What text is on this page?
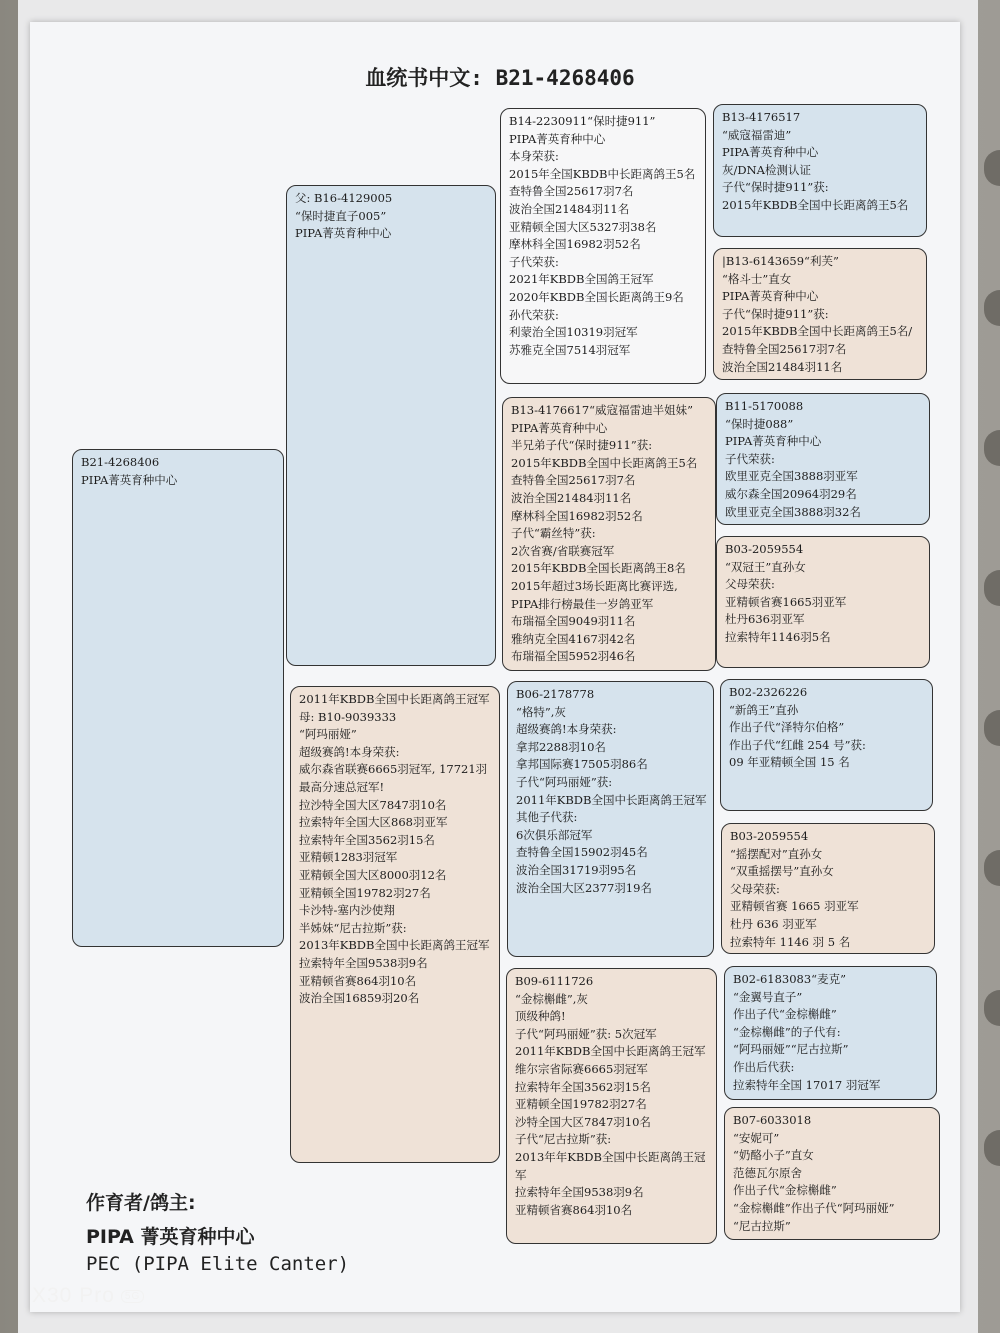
血统书中文: B21-4268406
B21-4268406
PIPA菁英育种中心
父: B16-4129005
“保时捷直子005”
PIPA菁英育种中心
2011年KBDB全国中长距离鸽王冠军
母: B10-9039333
“阿玛丽娅”
超级赛鸽!本身荣获:
威尔森省联赛6665羽冠军, 17721羽最高分速总冠军!
拉沙特全国大区7847羽10名
拉索特年全国大区868羽亚军
拉索特年全国3562羽15名
亚精顿1283羽冠军
亚精顿全国大区8000羽12名
亚精顿全国19782羽27名
卡沙特-塞内沙使翔
半姊妹“尼古拉斯”获:
2013年KBDB全国中长距离鸽王冠军
拉索特年全国9538羽9名
亚精顿省赛864羽10名
波治全国16859羽20名
B14-2230911“保时捷911”
PIPA菁英育种中心
本身荣获:
2015年全国KBDB中长距离鸽王5名
查特鲁全国25617羽7名
波治全国21484羽11名
亚精顿全国大区5327羽38名
摩林科全国16982羽52名
子代荣获:
2021年KBDB全国鸽王冠军
2020年KBDB全国长距离鸽王9名
孙代荣获:
利蒙治全国10319羽冠军
苏雅克全国7514羽冠军
B13-4176617“威寇福雷迪半姐妹”
PIPA菁英育种中心
半兄弟子代“保时捷911”获:
2015年KBDB全国中长距离鸽王5名
查特鲁全国25617羽7名
波治全国21484羽11名
摩林科全国16982羽52名
子代“霸丝特”获:
2次省赛/省联赛冠军
2015年KBDB全国长距离鸽王8名
2015年超过3场长距离比赛评选,
PIPA排行榜最佳一岁鸽亚军
布瑞福全国9049羽11名
雅纳克全国4167羽42名
布瑞福全国5952羽46名
B06-2178778
“格特”,灰
超级赛鸽!本身荣获:
拿邦2288羽10名
拿邦国际赛17505羽86名
子代“阿玛丽娅”获:
2011年KBDB全国中长距离鸽王冠军
其他子代获:
6次俱乐部冠军
查特鲁全国15902羽45名
波治全国31719羽95名
波治全国大区2377羽19名
B09-6111726
“金棕槲雌”,灰
顶级种鸽!
子代“阿玛丽娅”获: 5次冠军
2011年KBDB全国中长距离鸽王冠军
维尔宗省际赛6665羽冠军
拉索特年全国3562羽15名
亚精顿全国19782羽27名
沙特全国大区7847羽10名
子代“尼古拉斯”获:
2013年年KBDB全国中长距离鸽王冠军
拉索特年全国9538羽9名
亚精顿省赛864羽10名
B13-4176517
“威寇福雷迪”
PIPA菁英育种中心
灰/DNA检测认证
子代“保时捷911”获:
2015年KBDB全国中长距离鸽王5名
|B13-6143659“利芙”
“格斗士”直女
PIPA菁英育种中心
子代“保时捷911”获:
2015年KBDB全国中长距离鸽王5名/查特鲁全国25617羽7名
波治全国21484羽11名
B11-5170088
“保时捷088”
PIPA菁英育种中心
子代荣获:
欧里亚克全国3888羽亚军
威尔森全国20964羽29名
欧里亚克全国3888羽32名
B03-2059554
“双冠王”直孙女
父母荣获:
亚精顿省赛1665羽亚军
杜丹636羽亚军
拉索特年1146羽5名
B02-2326226
“新鸽王”直孙
作出子代“泽特尔伯格”
作出子代“红雌 254 号”获:
09 年亚精顿全国 15 名
B03-2059554
“摇摆配对”直孙女
“双重摇摆号”直孙女
父母荣获:
亚精顿省赛 1665 羽亚军
杜丹 636 羽亚军
拉索特年 1146 羽 5 名
B02-6183083“麦克”
“金翼号直子”
作出子代“金棕槲雌”
“金棕槲雌”的子代有:
“阿玛丽娅”“尼古拉斯”
作出后代获:
拉索特年全国 17017 羽冠军
B07-6033018
“安妮可”
“奶酪小子”直女
范德瓦尔原舍
作出子代“金棕槲雌”
“金棕槲雌”作出子代“阿玛丽娅”
“尼古拉斯”
作育者/鸽主:
PIPA 菁英育种中心
PEC (PIPA Elite Canter)
X30 Pro 5G
